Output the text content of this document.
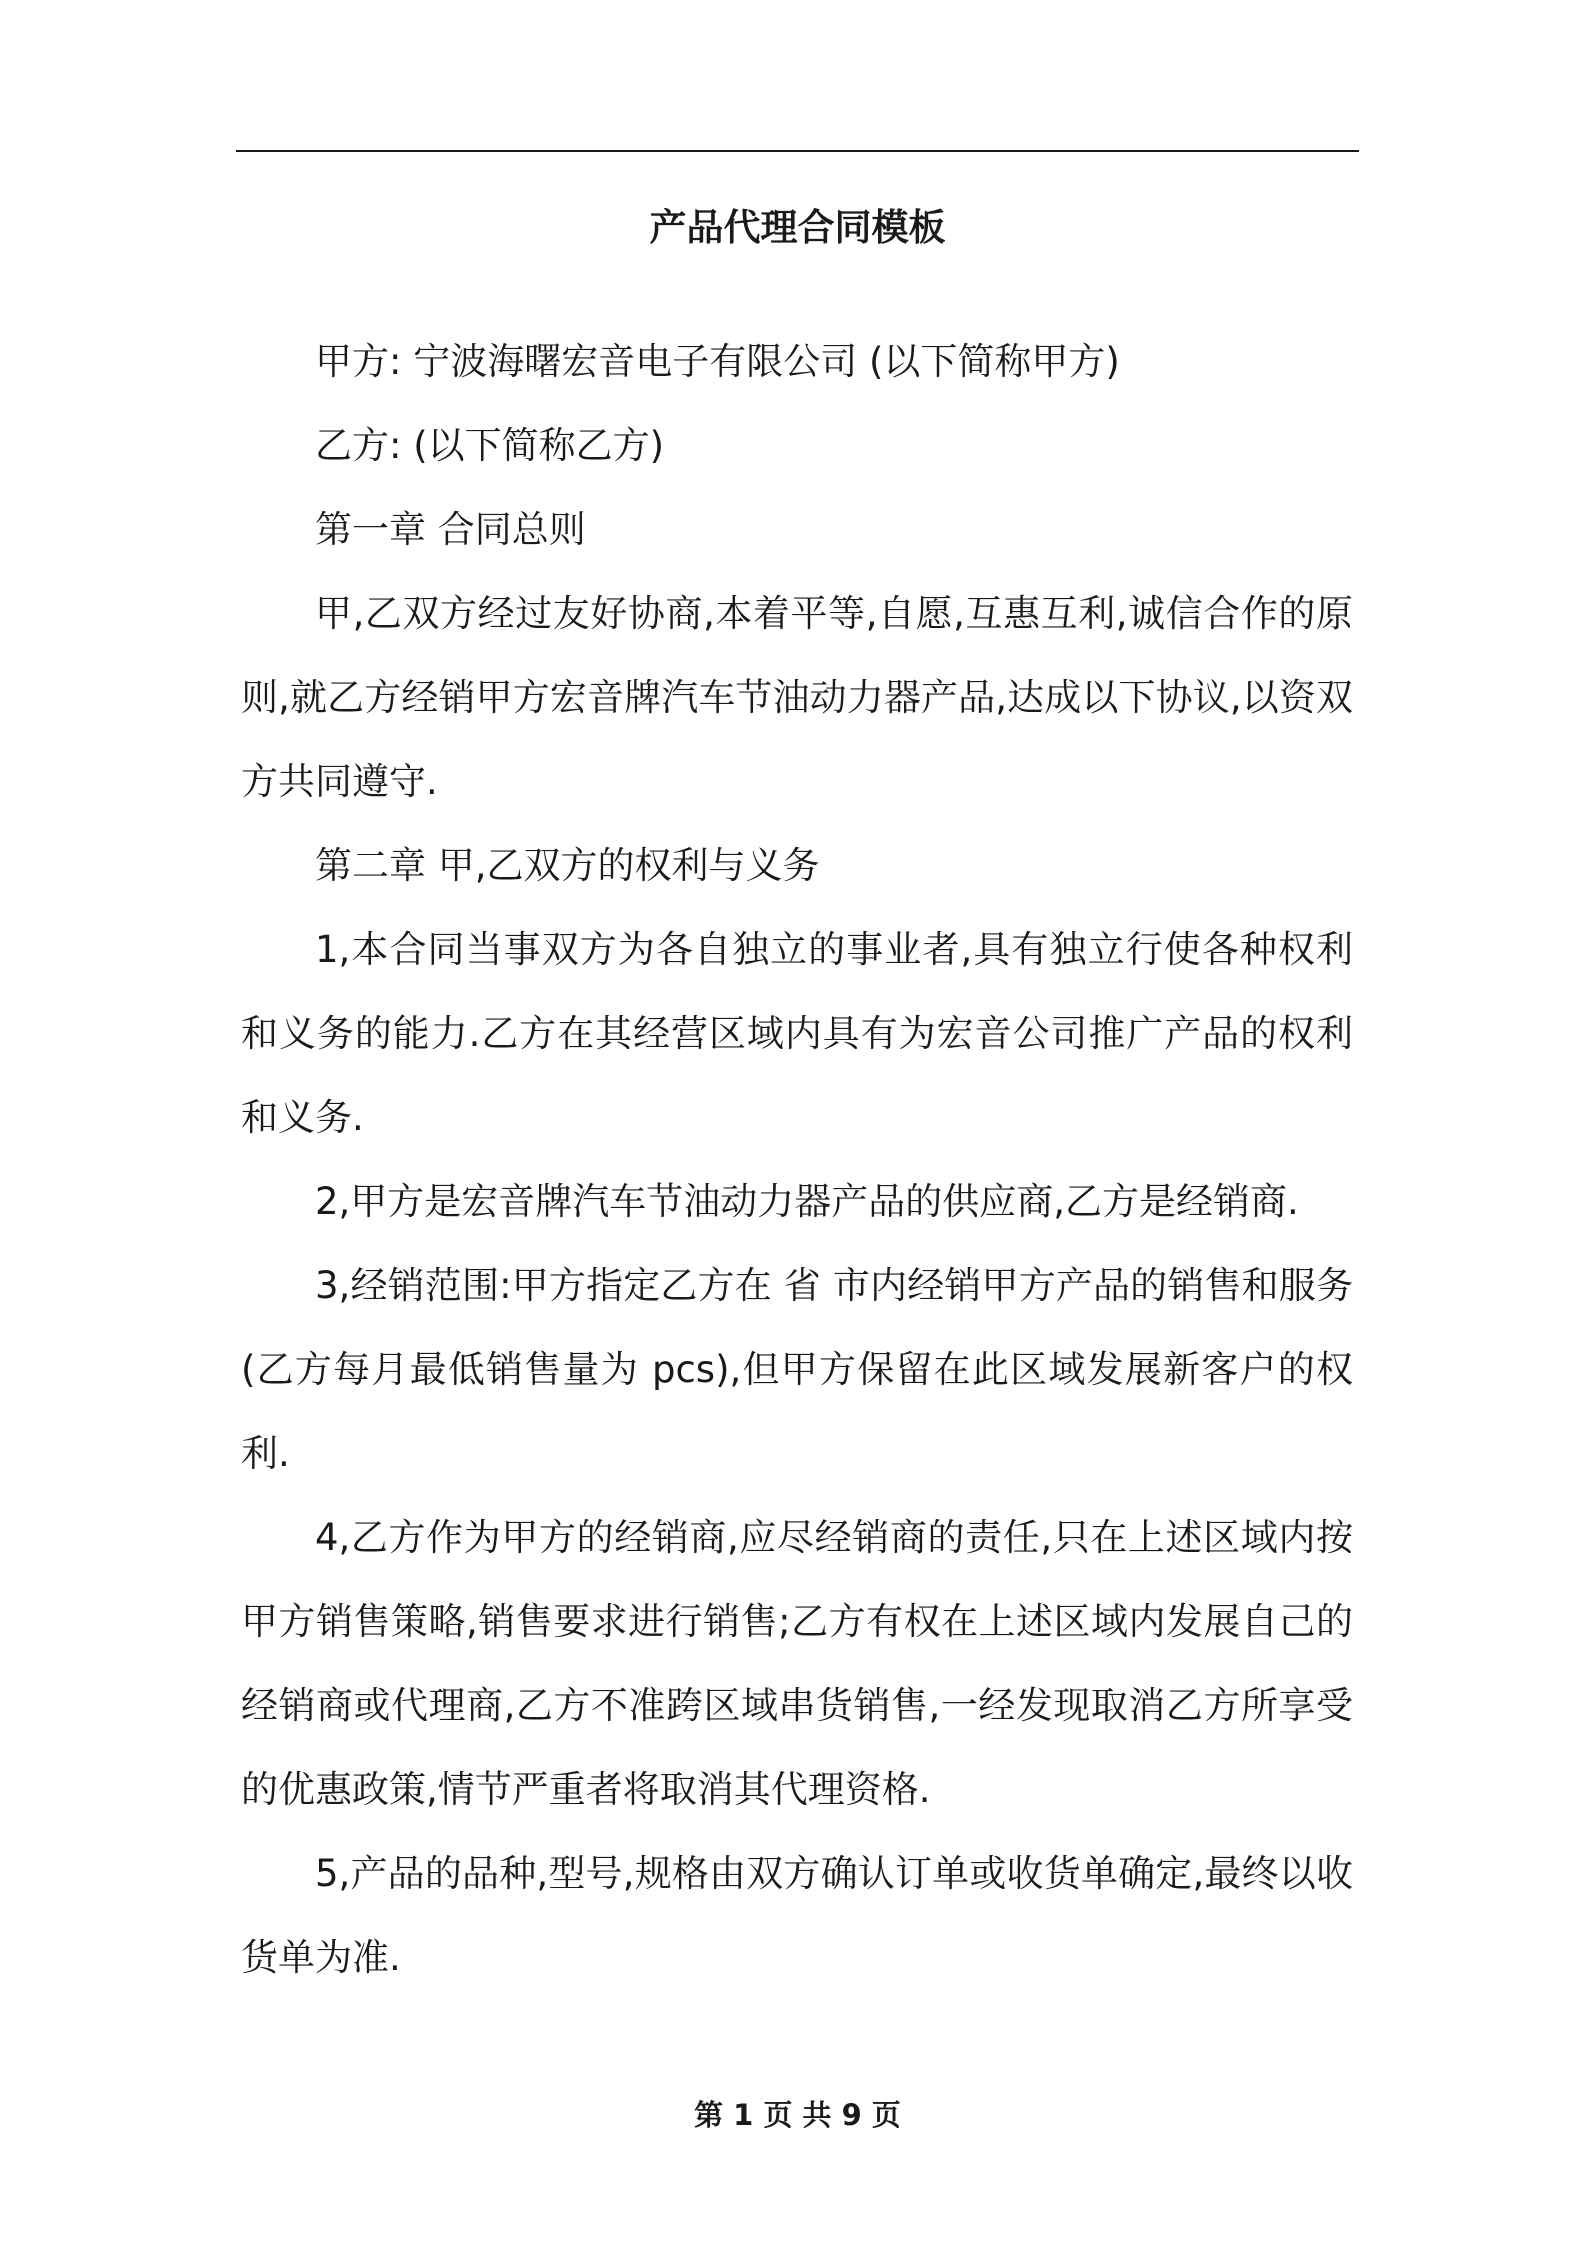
产品代理合同模板

甲方: 宁波海曙宏音电子有限公司 (以下简称甲方)

乙方: (以下简称乙方)

第一章 合同总则

甲,乙双方经过友好协商,本着平等,自愿,互惠互利,诚信合作的原则,就乙方经销甲方宏音牌汽车节油动力器产品,达成以下协议,以资双方共同遵守.

第二章 甲,乙双方的权利与义务

1,本合同当事双方为各自独立的事业者,具有独立行使各种权利和义务的能力.乙方在其经营区域内具有为宏音公司推广产品的权利和义务.

2,甲方是宏音牌汽车节油动力器产品的供应商,乙方是经销商.

3,经销范围:甲方指定乙方在 省 市内经销甲方产品的销售和服务(乙方每月最低销售量为 pcs),但甲方保留在此区域发展新客户的权利.

4,乙方作为甲方的经销商,应尽经销商的责任,只在上述区域内按甲方销售策略,销售要求进行销售;乙方有权在上述区域内发展自己的经销商或代理商,乙方不准跨区域串货销售,一经发现取消乙方所享受的优惠政策,情节严重者将取消其代理资格.

5,产品的品种,型号,规格由双方确认订单或收货单确定,最终以收货单为准.

第 1 页 共 9 页
